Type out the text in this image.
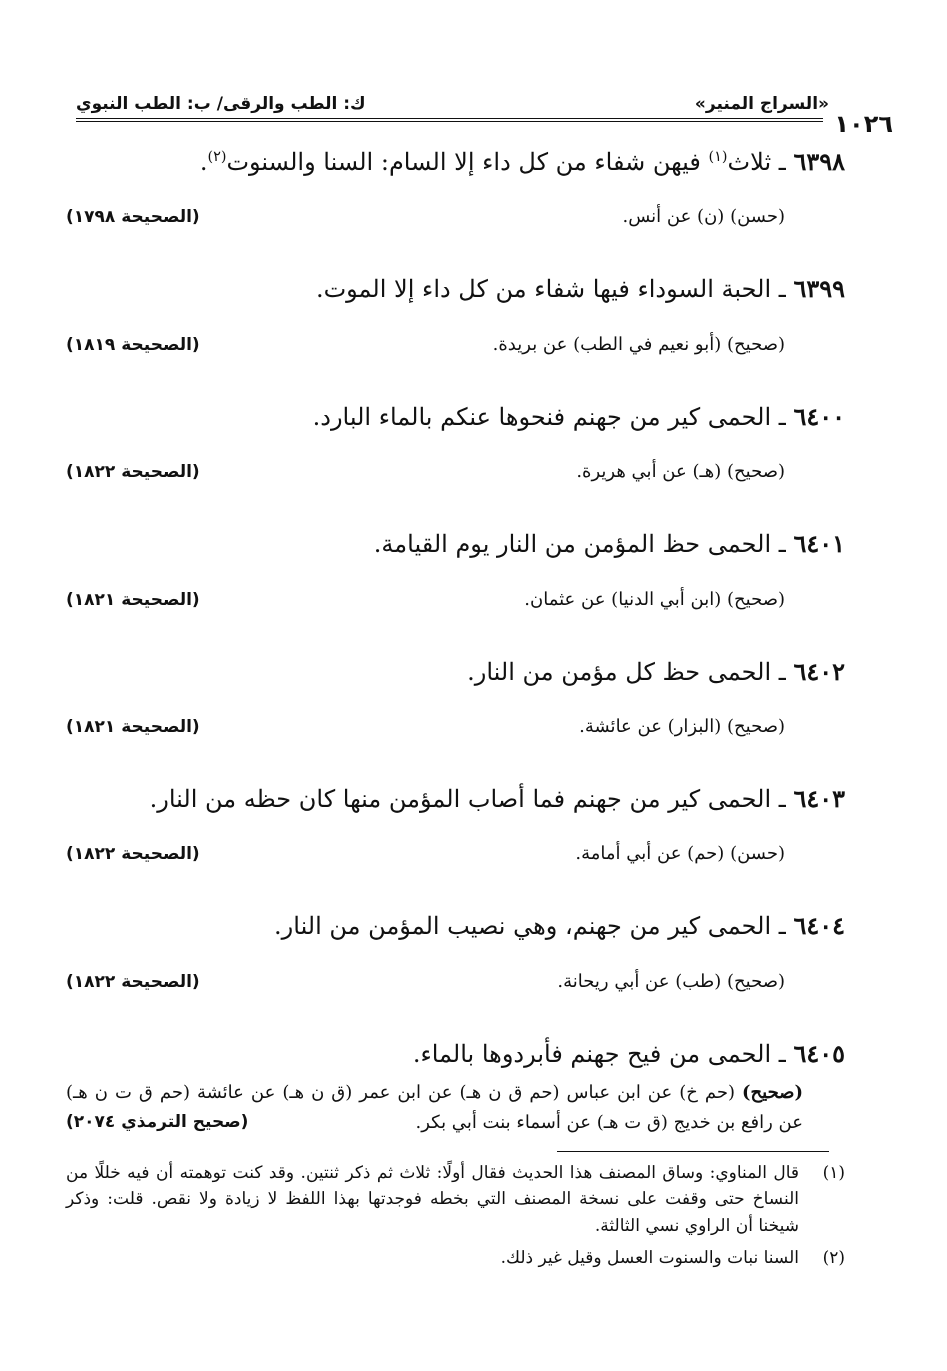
«السراج المنير»
ك: الطب والرقى/ ب: الطب النبوي
١٠٢٦

٦٣٩٨ ـ ثلاث$^{(١)}$ فيهن شفاء من كل داء إلا السام: السنا والسنوت$^{(٢)}$.

(حسن) (ن) عن أنس.
(الصحيحة ١٧٩٨)

٦٣٩٩ ـ الحبة السوداء فيها شفاء من كل داء إلا الموت.

(صحيح) (أبو نعيم في الطب) عن بريدة.
(الصحيحة ١٨١٩)

٦٤٠٠ ـ الحمى كير من جهنم فنحوها عنكم بالماء البارد.

(صحيح) (هـ) عن أبي هريرة.
(الصحيحة ١٨٢٢)

٦٤٠١ ـ الحمى حظ المؤمن من النار يوم القيامة.

(صحيح) (ابن أبي الدنيا) عن عثمان.
(الصحيحة ١٨٢١)

٦٤٠٢ ـ الحمى حظ كل مؤمن من النار.

(صحيح) (البزار) عن عائشة.
(الصحيحة ١٨٢١)

٦٤٠٣ ـ الحمى كير من جهنم فما أصاب المؤمن منها كان حظه من النار.

(حسن) (حم) عن أبي أمامة.
(الصحيحة ١٨٢٢)

٦٤٠٤ ـ الحمى كير من جهنم، وهي نصيب المؤمن من النار.

(صحيح) (طب) عن أبي ريحانة.
(الصحيحة ١٨٢٢)

٦٤٠٥ ـ الحمى من فيح جهنم فأبردوها بالماء.

(صحيح) (حم خ) عن ابن عباس (حم ق ن هـ) عن ابن عمر (ق ن هـ) عن عائشة (حم ق ت ن هـ) عن رافع بن خديج (ق ت هـ) عن أسماء بنت أبي بكر.
(صحيح الترمذي ٢٠٧٤)
(١)
قال المناوي: وساق المصنف هذا الحديث فقال أولًا: ثلاث ثم ذكر ثنتين. وقد كنت توهمته أن فيه خللًا من النساخ حتى وقفت على نسخة المصنف التي بخطه فوجدتها بهذا اللفظ لا زيادة ولا نقص. قلت: وذكر شيخنا أن الراوي نسي الثالثة.
(٢)
السنا نبات والسنوت العسل وقيل غير ذلك.
